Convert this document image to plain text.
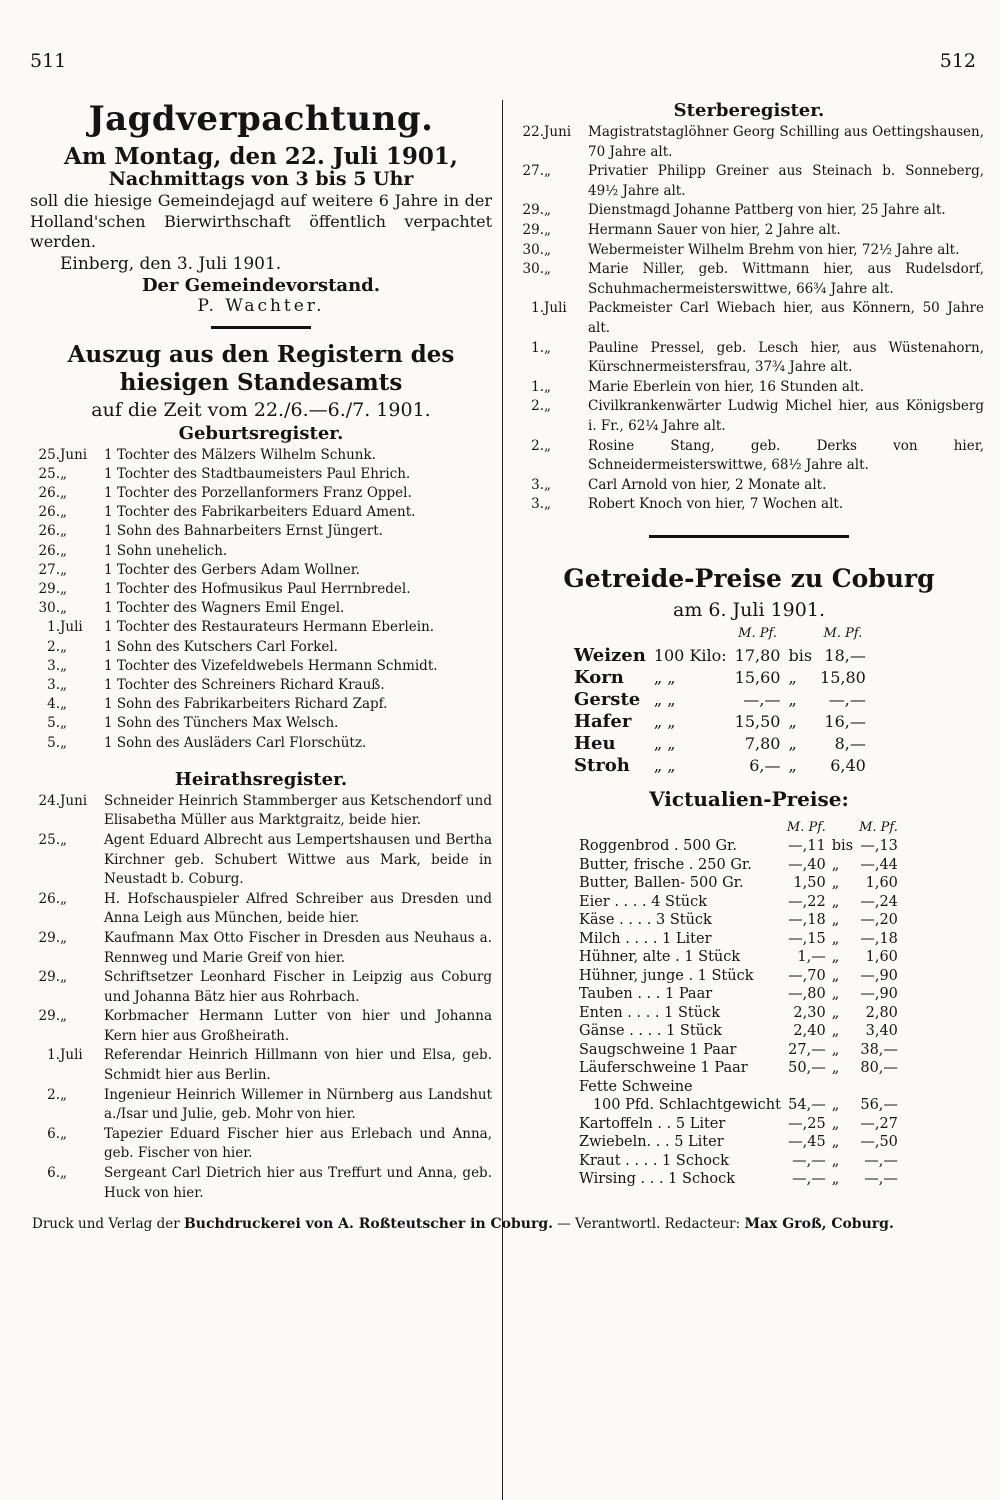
511	512
Jagdverpachtung.
Am Montag, den 22. Juli 1901,
Nachmittags von 3 bis 5 Uhr
soll die hiesige Gemeindejagd auf weitere 6 Jahre in der Holland'schen Bierwirthschaft öffentlich verpachtet werden.
Einberg, den 3. Juli 1901.
Der Gemeindevorstand.
P. Wachter.
Auszug aus den Registern des hiesigen Standesamts
auf die Zeit vom 22./6.—6./7. 1901.
Geburtsregister.
25.	Juni	1 Tochter des Mälzers Wilhelm Schunk.
25.	„	1 Tochter des Stadtbaumeisters Paul Ehrich.
26.	„	1 Tochter des Porzellanformers Franz Oppel.
26.	„	1 Tochter des Fabrikarbeiters Eduard Ament.
26.	„	1 Sohn des Bahnarbeiters Ernst Jüngert.
26.	„	1 Sohn unehelich.
27.	„	1 Tochter des Gerbers Adam Wollner.
29.	„	1 Tochter des Hofmusikus Paul Herrnbredel.
30.	„	1 Tochter des Wagners Emil Engel.
1.	Juli	1 Tochter des Restaurateurs Hermann Eberlein.
2.	„	1 Sohn des Kutschers Carl Forkel.
3.	„	1 Tochter des Vizefeldwebels Hermann Schmidt.
3.	„	1 Tochter des Schreiners Richard Krauß.
4.	„	1 Sohn des Fabrikarbeiters Richard Zapf.
5.	„	1 Sohn des Tünchers Max Welsch.
5.	„	1 Sohn des Ausläders Carl Florschütz.
Heirathsregister.
24.	Juni	Schneider Heinrich Stammberger aus Ketschendorf und Elisabetha Müller aus Marktgraitz, beide hier.
25.	„	Agent Eduard Albrecht aus Lempertshausen und Bertha Kirchner geb. Schubert Wittwe aus Mark, beide in Neustadt b. Coburg.
26.	„	H. Hofschauspieler Alfred Schreiber aus Dresden und Anna Leigh aus München, beide hier.
29.	„	Kaufmann Max Otto Fischer in Dresden aus Neuhaus a. Rennweg und Marie Greif von hier.
29.	„	Schriftsetzer Leonhard Fischer in Leipzig aus Coburg und Johanna Bätz hier aus Rohrbach.
29.	„	Korbmacher Hermann Lutter von hier und Johanna Kern hier aus Großheirath.
1.	Juli	Referendar Heinrich Hillmann von hier und Elsa, geb. Schmidt hier aus Berlin.
2.	„	Ingenieur Heinrich Willemer in Nürnberg aus Landshut a./Isar und Julie, geb. Mohr von hier.
6.	„	Tapezier Eduard Fischer hier aus Erlebach und Anna, geb. Fischer von hier.
6.	„	Sergeant Carl Dietrich hier aus Treffurt und Anna, geb. Huck von hier.
Sterberegister.
22.	Juni	Magistratstaglöhner Georg Schilling aus Oettingshausen, 70 Jahre alt.
27.	„	Privatier Philipp Greiner aus Steinach b. Sonneberg, 49½ Jahre alt.
29.	„	Dienstmagd Johanne Pattberg von hier, 25 Jahre alt.
29.	„	Hermann Sauer von hier, 2 Jahre alt.
30.	„	Webermeister Wilhelm Brehm von hier, 72½ Jahre alt.
30.	„	Marie Niller, geb. Wittmann hier, aus Rudelsdorf, Schuhmachermeisterswittwe, 66¾ Jahre alt.
1.	Juli	Packmeister Carl Wiebach hier, aus Könnern, 50 Jahre alt.
1.	„	Pauline Pressel, geb. Lesch hier, aus Wüstenahorn, Kürschnermeistersfrau, 37¾ Jahre alt.
1.	„	Marie Eberlein von hier, 16 Stunden alt.
2.	„	Civilkrankenwärter Ludwig Michel hier, aus Königsberg i. Fr., 62¼ Jahre alt.
2.	„	Rosine Stang, geb. Derks von hier, Schneidermeisterswittwe, 68½ Jahre alt.
3.	„	Carl Arnold von hier, 2 Monate alt.
3.	„	Robert Knoch von hier, 7 Wochen alt.
Getreide-Preise zu Coburg
am 6. Juli 1901.
		M. Pf.		M. Pf.
Weizen	100 Kilo:	17,80	bis	18,—
Korn	„ „	15,60	„	15,80
Gerste	„ „	—,—	„	—,—
Hafer	„ „	15,50	„	16,—
Heu	„ „	7,80	„	8,—
Stroh	„ „	6,—	„	6,40
Victualien-Preise:
	M. Pf.		M. Pf.
Roggenbrod . 500 Gr.	—,11	bis	—,13
Butter, frische . 250 Gr.	—,40	„	—,44
Butter, Ballen- 500 Gr.	1,50	„	1,60
Eier . . . . 4 Stück	—,22	„	—,24
Käse . . . . 3 Stück	—,18	„	—,20
Milch . . . . 1 Liter	—,15	„	—,18
Hühner, alte . 1 Stück	1,—	„	1,60
Hühner, junge . 1 Stück	—,70	„	—,90
Tauben . . . 1 Paar	—,80	„	—,90
Enten . . . . 1 Stück	2,30	„	2,80
Gänse . . . . 1 Stück	2,40	„	3,40
Saugschweine 1 Paar	27,—	„	38,—
Läuferschweine 1 Paar	50,—	„	80,—
Fette Schweine			
100 Pfd. Schlachtgewicht	54,—	„	56,—
Kartoffeln . . 5 Liter	—,25	„	—,27
Zwiebeln. . . 5 Liter	—,45	„	—,50
Kraut . . . . 1 Schock	—,—	„	—,—
Wirsing . . . 1 Schock	—,—	„	—,—
Druck und Verlag der Buchdruckerei von A. Roßteutscher in Coburg. — Verantwortl. Redacteur: Max Groß, Coburg.
